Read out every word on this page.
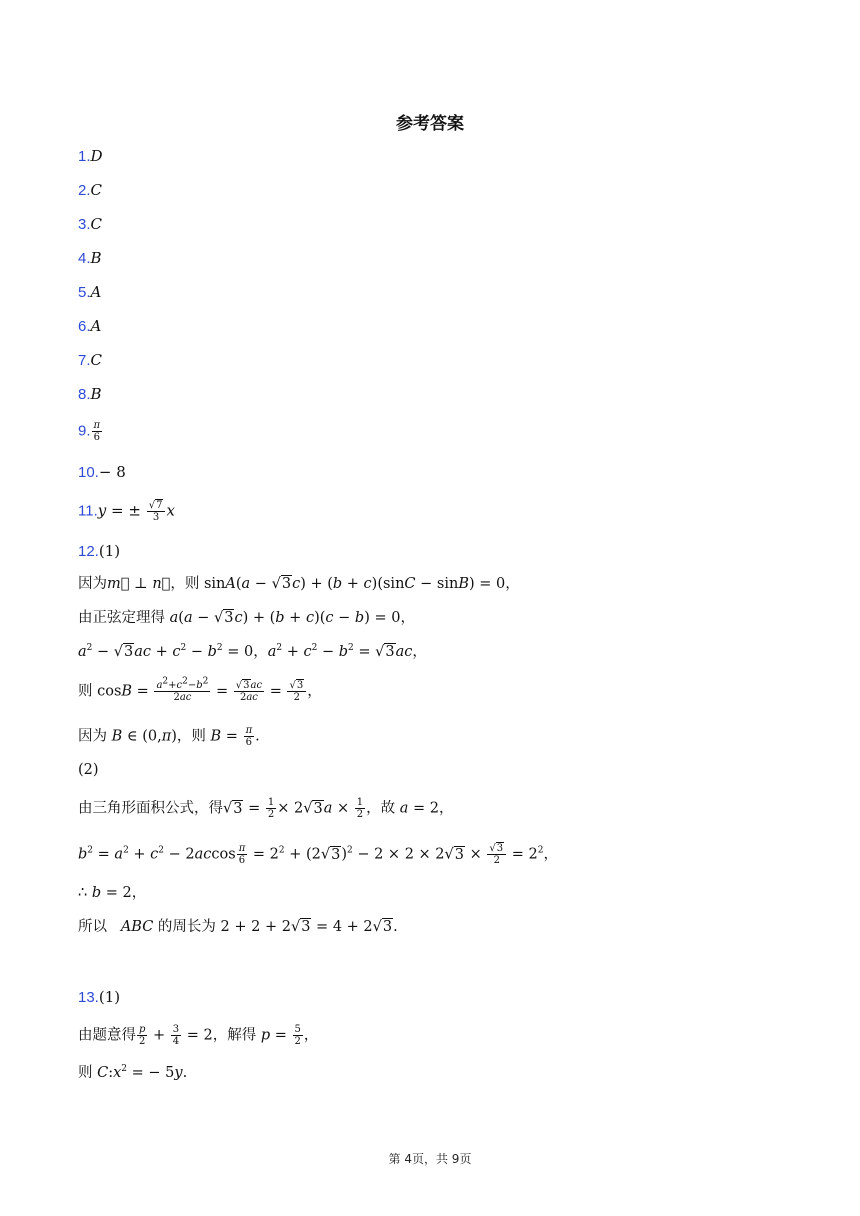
参考答案
1.D
2.C
3.C
4.B
5.A
6.A
7.C
8.B
9. $\frac{\pi}{6}$
10.− 8
11.y = ± $\frac{√7}{3}$ x
12.(1)
因为m⃗ ⊥ n⃗，则 sinA(a − √3c) + (b + c)(sinC − sinB) = 0，
由正弦定理得 a(a − √3c) + (b + c)(c − b) = 0，
$a^2 - √3ac + c^2 - b^2 = 0$，$a^2 + c^2 - b^2 = √3ac$，
则 $\cos B = \frac{a^2+c^2-b^2}{2ac} = \frac{√3ac}{2ac} = \frac{√3}{2}$ ，
因为 B ∈ (0,π)，则 $B = \frac{\pi}{6}$ .
(2)
由三角形面积公式，得$√3 = \frac{1}{2} \times 2√3a \times \frac{1}{2}$ ，故 a = 2，
$b^2 = a^2 + c^2 - 2accos \frac{\pi}{6} = 2^2 + (2√3)^2 - 2 \times 2 \times 2√3 \times \frac{√3}{2} = 2^2$，
∴ b = 2，
所以   ABC 的周长为 2 + 2 + 2√3 = 4 + 2√3.
13.(1)
由题意得 $\frac{p}{2} + \frac{3}{4} = 2$，解得 $p = \frac{5}{2}$ ，
则 $C:x^2$ = − 5y.
第 4页，共 9页
